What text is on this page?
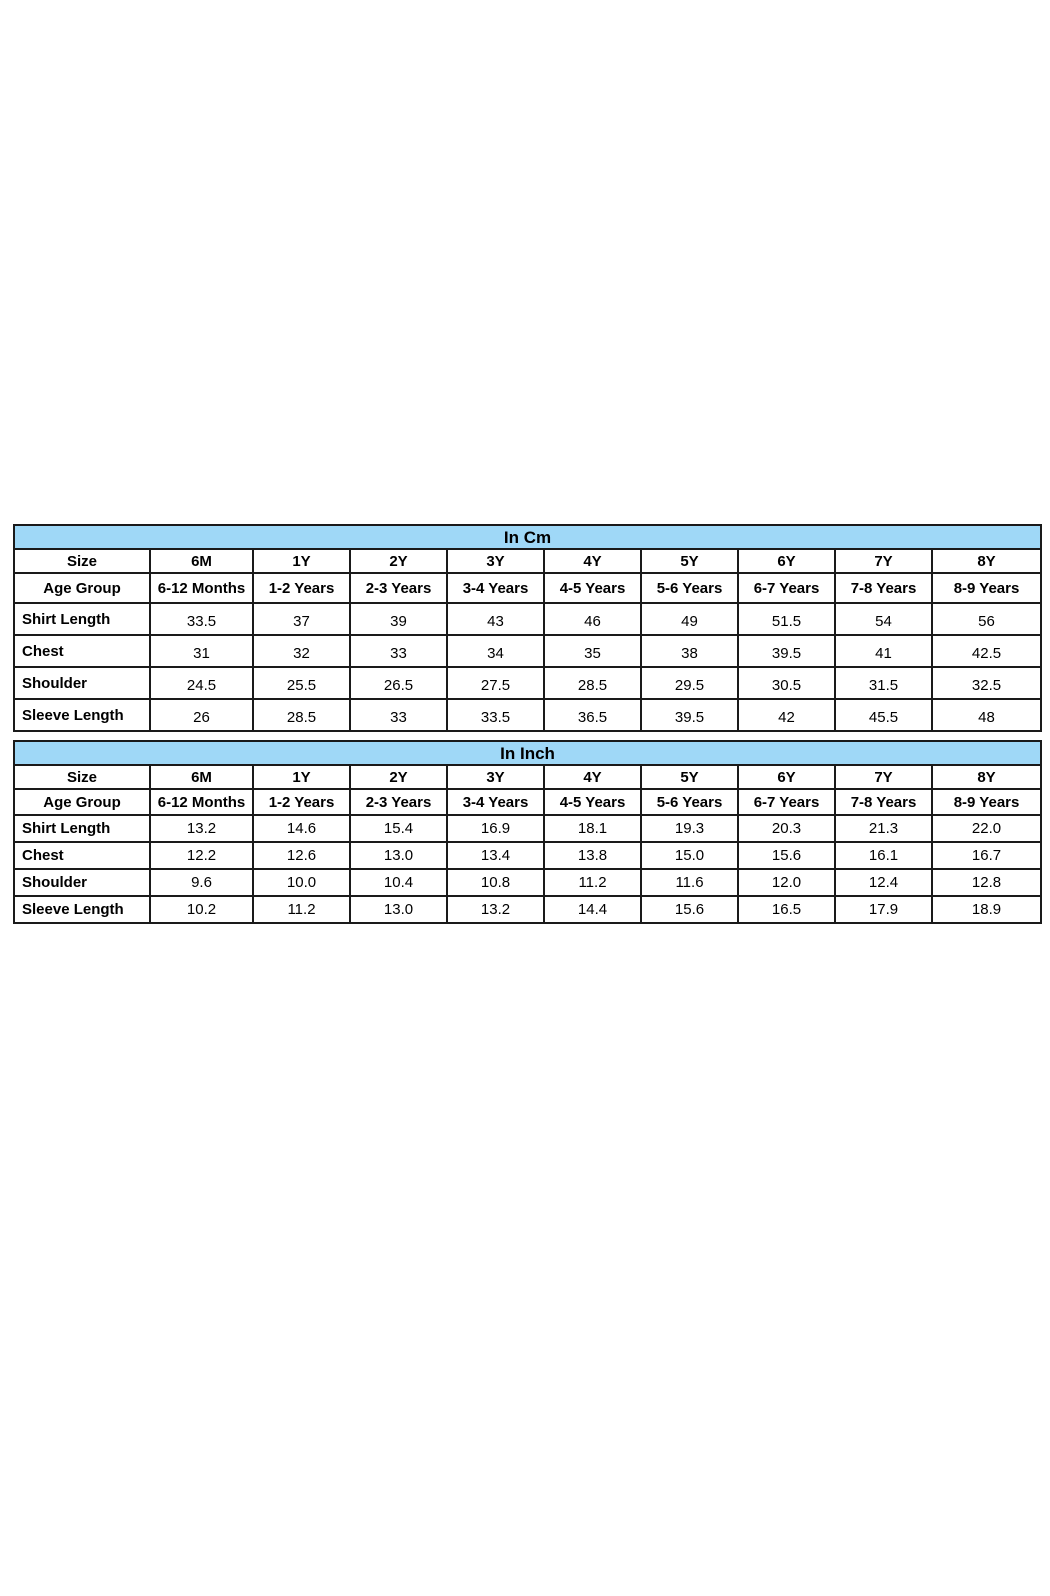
In Cm									
Size	6M	1Y	2Y	3Y	4Y	5Y	6Y	7Y	8Y
Age Group	6-12 Months	1-2 Years	2-3 Years	3-4 Years	4-5 Years	5-6 Years	6-7 Years	7-8 Years	8-9 Years
Shirt Length	33.5	37	39	43	46	49	51.5	54	56
Chest	31	32	33	34	35	38	39.5	41	42.5
Shoulder	24.5	25.5	26.5	27.5	28.5	29.5	30.5	31.5	32.5
Sleeve Length	26	28.5	33	33.5	36.5	39.5	42	45.5	48
In Inch									
Size	6M	1Y	2Y	3Y	4Y	5Y	6Y	7Y	8Y
Age Group	6-12 Months	1-2 Years	2-3 Years	3-4 Years	4-5 Years	5-6 Years	6-7 Years	7-8 Years	8-9 Years
Shirt Length	13.2	14.6	15.4	16.9	18.1	19.3	20.3	21.3	22.0
Chest	12.2	12.6	13.0	13.4	13.8	15.0	15.6	16.1	16.7
Shoulder	9.6	10.0	10.4	10.8	11.2	11.6	12.0	12.4	12.8
Sleeve Length	10.2	11.2	13.0	13.2	14.4	15.6	16.5	17.9	18.9
